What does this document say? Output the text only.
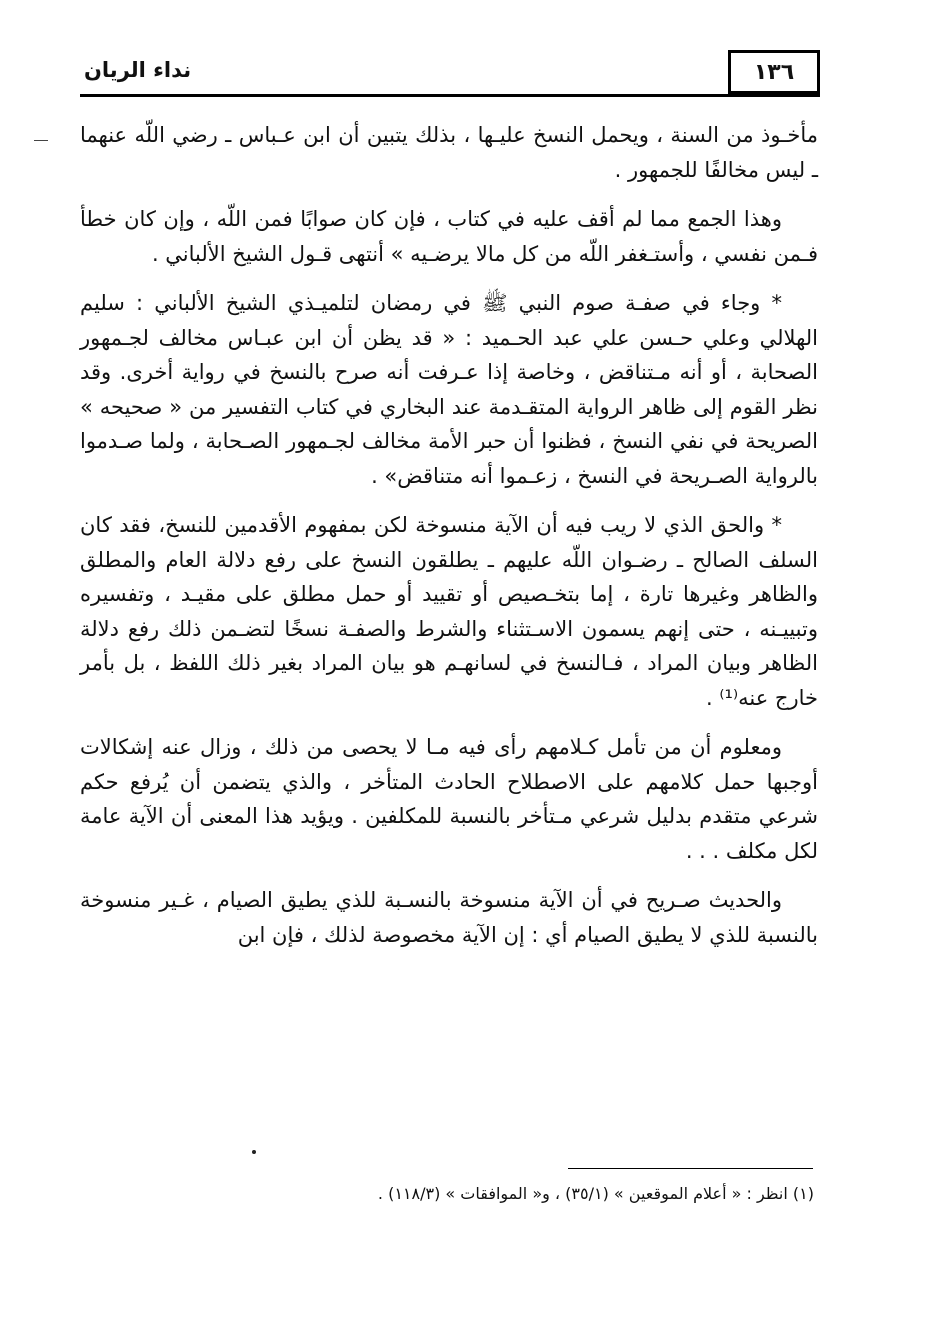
١٣٦
نداء الريان

مأخـوذ من السنة ، ويحمل النسخ عليـها ، بذلك يتبين أن ابن عـباس ـ رضي اللّه عنهما ـ ليس مخالفًا للجمهور .

وهذا الجمع مما لم أقف عليه في كتاب ، فإن كان صوابًا فمن اللّه ، وإن كان خطأ فـمن نفسي ، وأستـغفر اللّه من كل مالا يرضـيه » أنتهى قـول الشيخ الألباني .

* وجاء في صفـة صوم النبي ﷺ في رمضان لتلميـذي الشيخ الألباني : سليم الهلالي وعلي حـسن علي عبد الحـميد : « قد يظن أن ابن عبـاس مخالف لجـمهور الصحابة ، أو أنه مـتناقض ، وخاصة إذا عـرفت أنه صرح بالنسخ في رواية أخرى. وقد نظر القوم إلى ظاهر الرواية المتقـدمة عند البخاري في كتاب التفسير من « صحيحه » الصريحة في نفي النسخ ، فظنوا أن حبر الأمة مخالف لجـمهور الصـحابة ، ولما صـدموا بالرواية الصـريحة في النسخ ، زعـموا أنه متناقض» .

* والحق الذي لا ريب فيه أن الآية منسوخة لكن بمفهوم الأقدمين للنسخ، فقد كان السلف الصالح ـ رضـوان اللّه عليهم ـ يطلقون النسخ على رفع دلالة العام والمطلق والظاهر وغيرها تارة ، إما بتخـصيص أو تقييد أو حمل مطلق على مقيـد ، وتفسيره وتبييـنه ، حتى إنهم يسمون الاسـتثناء والشرط والصفـة نسخًا لتضـمن ذلك رفع دلالة الظاهر وبيان المراد ، فـالنسخ في لسانهـم هو بيان المراد بغير ذلك اللفظ ، بل بأمر خارج عنه⁽¹⁾ .

ومعلوم أن من تأمل كـلامهم رأى فيه مـا لا يحصى من ذلك ، وزال عنه إشكالات أوجبها حمل كلامهم على الاصطلاح الحادث المتأخر ، والذي يتضمن أن يُرفع حكم شرعي متقدم بدليل شرعي مـتأخر بالنسبة للمكلفين . ويؤيد هذا المعنى أن الآية عامة لكل مكلف . . .

والحديث صـريح في أن الآية منسوخة بالنسـبة للذي يطيق الصيام ، غـير منسوخة بالنسبة للذي لا يطيق الصيام أي : إن الآية مخصوصة لذلك ، فإن ابن

(١) انظر : « أعلام الموقعين » (٣٥/١) ، و« الموافقات » (١١٨/٣) .
